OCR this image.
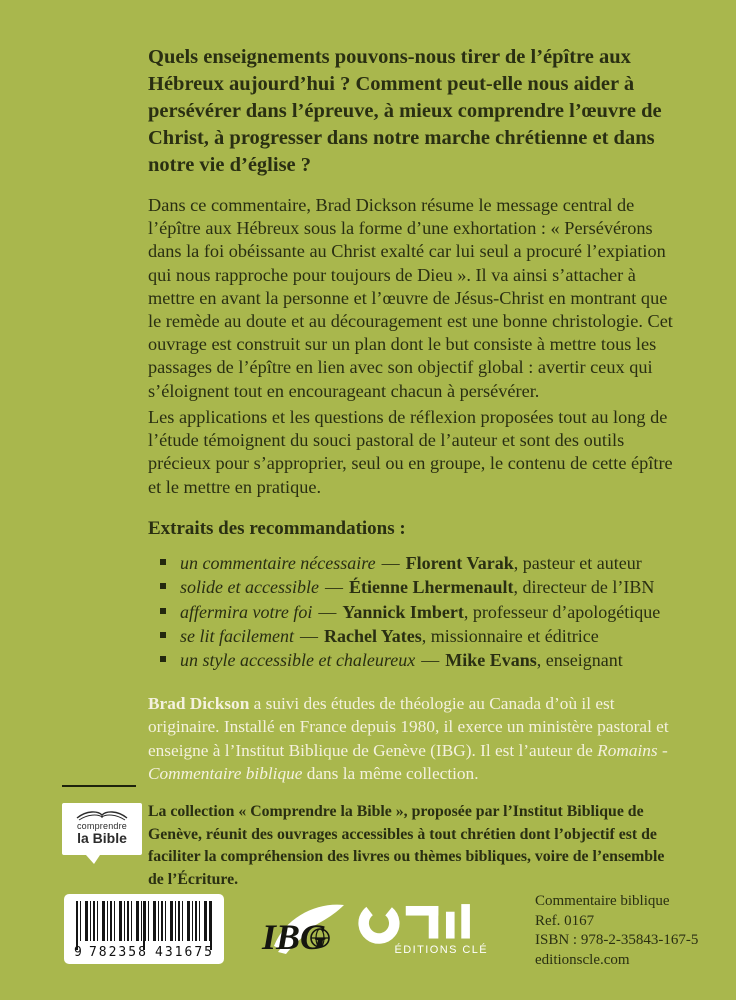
Quels enseignements pouvons-nous tirer de l’épître aux Hébreux aujourd’hui ? Comment peut-elle nous aider à persévérer dans l’épreuve, à mieux comprendre l’œuvre de Christ, à progresser dans notre marche chrétienne et dans notre vie d’église ?
Dans ce commentaire, Brad Dickson résume le message central de l’épître aux Hébreux sous la forme d’une exhortation : « Persévérons dans la foi obéissante au Christ exalté car lui seul a procuré l’expiation qui nous rapproche pour toujours de Dieu ». Il va ainsi s’attacher à mettre en avant la personne et l’œuvre de Jésus-Christ en montrant que le remède au doute et au découragement est une bonne christologie. Cet ouvrage est construit sur un plan dont le but consiste à mettre tous les passages de l’épître en lien avec son objectif global : avertir ceux qui s’éloignent tout en encourageant chacun à persévérer.
Les applications et les questions de réflexion proposées tout au long de l’étude témoignent du souci pastoral de l’auteur et sont des outils précieux pour s’approprier, seul ou en groupe, le contenu de cette épître et le mettre en pratique.
Extraits des recommandations :
un commentaire nécessaire — Florent Varak, pasteur et auteur
solide et accessible — Étienne Lhermenault, directeur de l’IBN
affermira votre foi — Yannick Imbert, professeur d’apologétique
se lit facilement — Rachel Yates, missionnaire et éditrice
un style accessible et chaleureux — Mike Evans, enseignant
Brad Dickson a suivi des études de théologie au Canada d’où il est originaire. Installé en France depuis 1980, il exerce un ministère pastoral et enseigne à l’Institut Biblique de Genève (IBG). Il est l’auteur de Romains - Commentaire biblique dans la même collection.
comprendre
la Bible
La collection « Comprendre la Bible », proposée par l’Institut Biblique de Genève, réunit des ouvrages accessibles à tout chrétien dont l’objectif est de faciliter la compréhension des livres ou thèmes bibliques, voire de l’ensemble de l’Écriture.
9 782358 431675 IBG	ÉDITIONS CLÉ
Commentaire biblique
Ref. 0167
ISBN : 978-2-35843-167-5
editionscle.com
